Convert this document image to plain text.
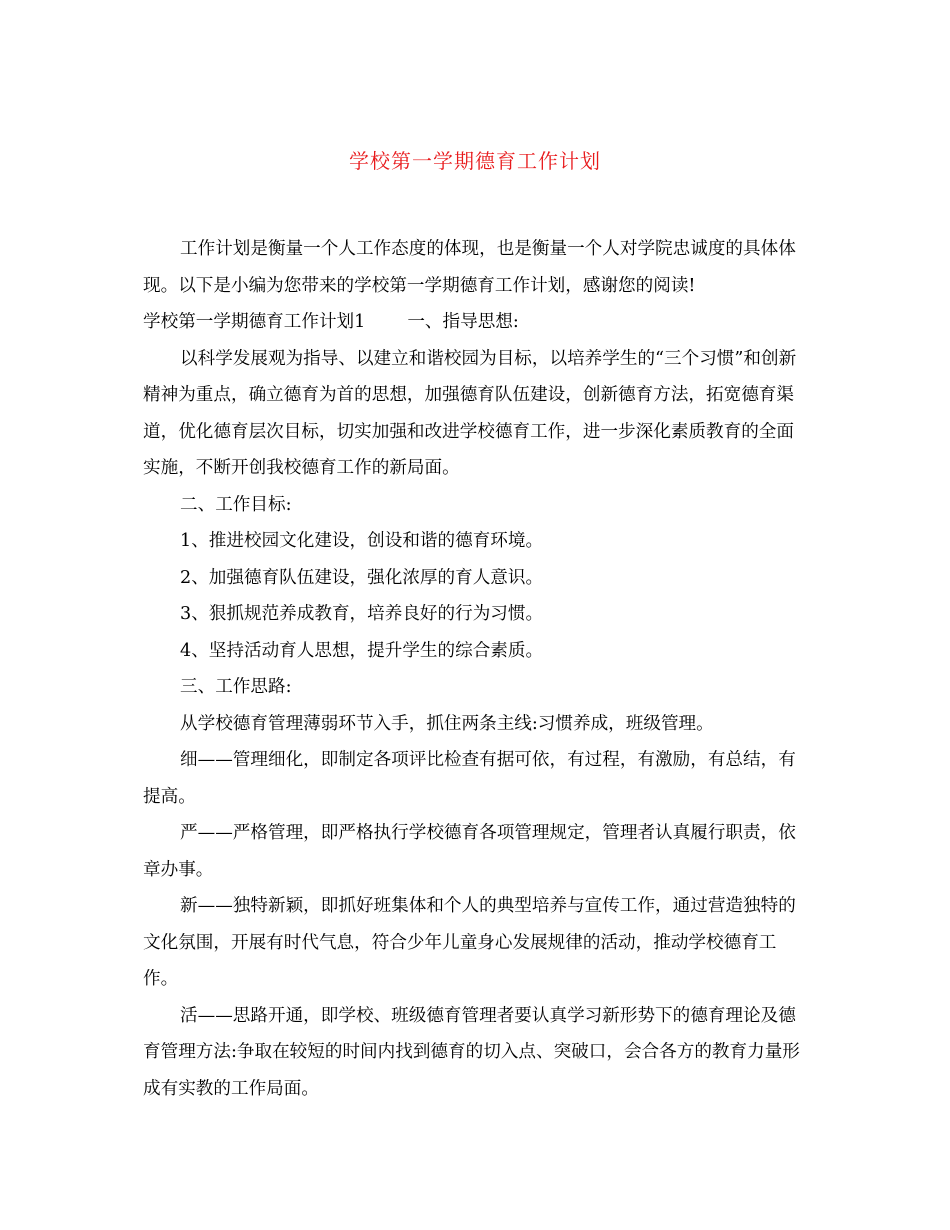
学校第一学期德育工作计划

工作计划是衡量一个人工作态度的体现，也是衡量一个人对学院忠诚度的具体体现。以下是小编为您带来的学校第一学期德育工作计划，感谢您的阅读!

学校第一学期德育工作计划1 一、指导思想:

以科学发展观为指导、以建立和谐校园为目标，以培养学生的“三个习惯”和创新精神为重点，确立德育为首的思想，加强德育队伍建设，创新德育方法，拓宽德育渠道，优化德育层次目标，切实加强和改进学校德育工作，进一步深化素质教育的全面实施，不断开创我校德育工作的新局面。

二、工作目标:

1、推进校园文化建设，创设和谐的德育环境。

2、加强德育队伍建设，强化浓厚的育人意识。

3、狠抓规范养成教育，培养良好的行为习惯。

4、坚持活动育人思想，提升学生的综合素质。

三、工作思路:

从学校德育管理薄弱环节入手，抓住两条主线:习惯养成，班级管理。

细——管理细化，即制定各项评比检查有据可依，有过程，有激励，有总结，有提高。

严——严格管理，即严格执行学校德育各项管理规定，管理者认真履行职责，依章办事。

新——独特新颖，即抓好班集体和个人的典型培养与宣传工作，通过营造独特的文化氛围，开展有时代气息，符合少年儿童身心发展规律的活动，推动学校德育工作。

活——思路开通，即学校、班级德育管理者要认真学习新形势下的德育理论及德育管理方法:争取在较短的时间内找到德育的切入点、突破口，会合各方的教育力量形成有实教的工作局面。
